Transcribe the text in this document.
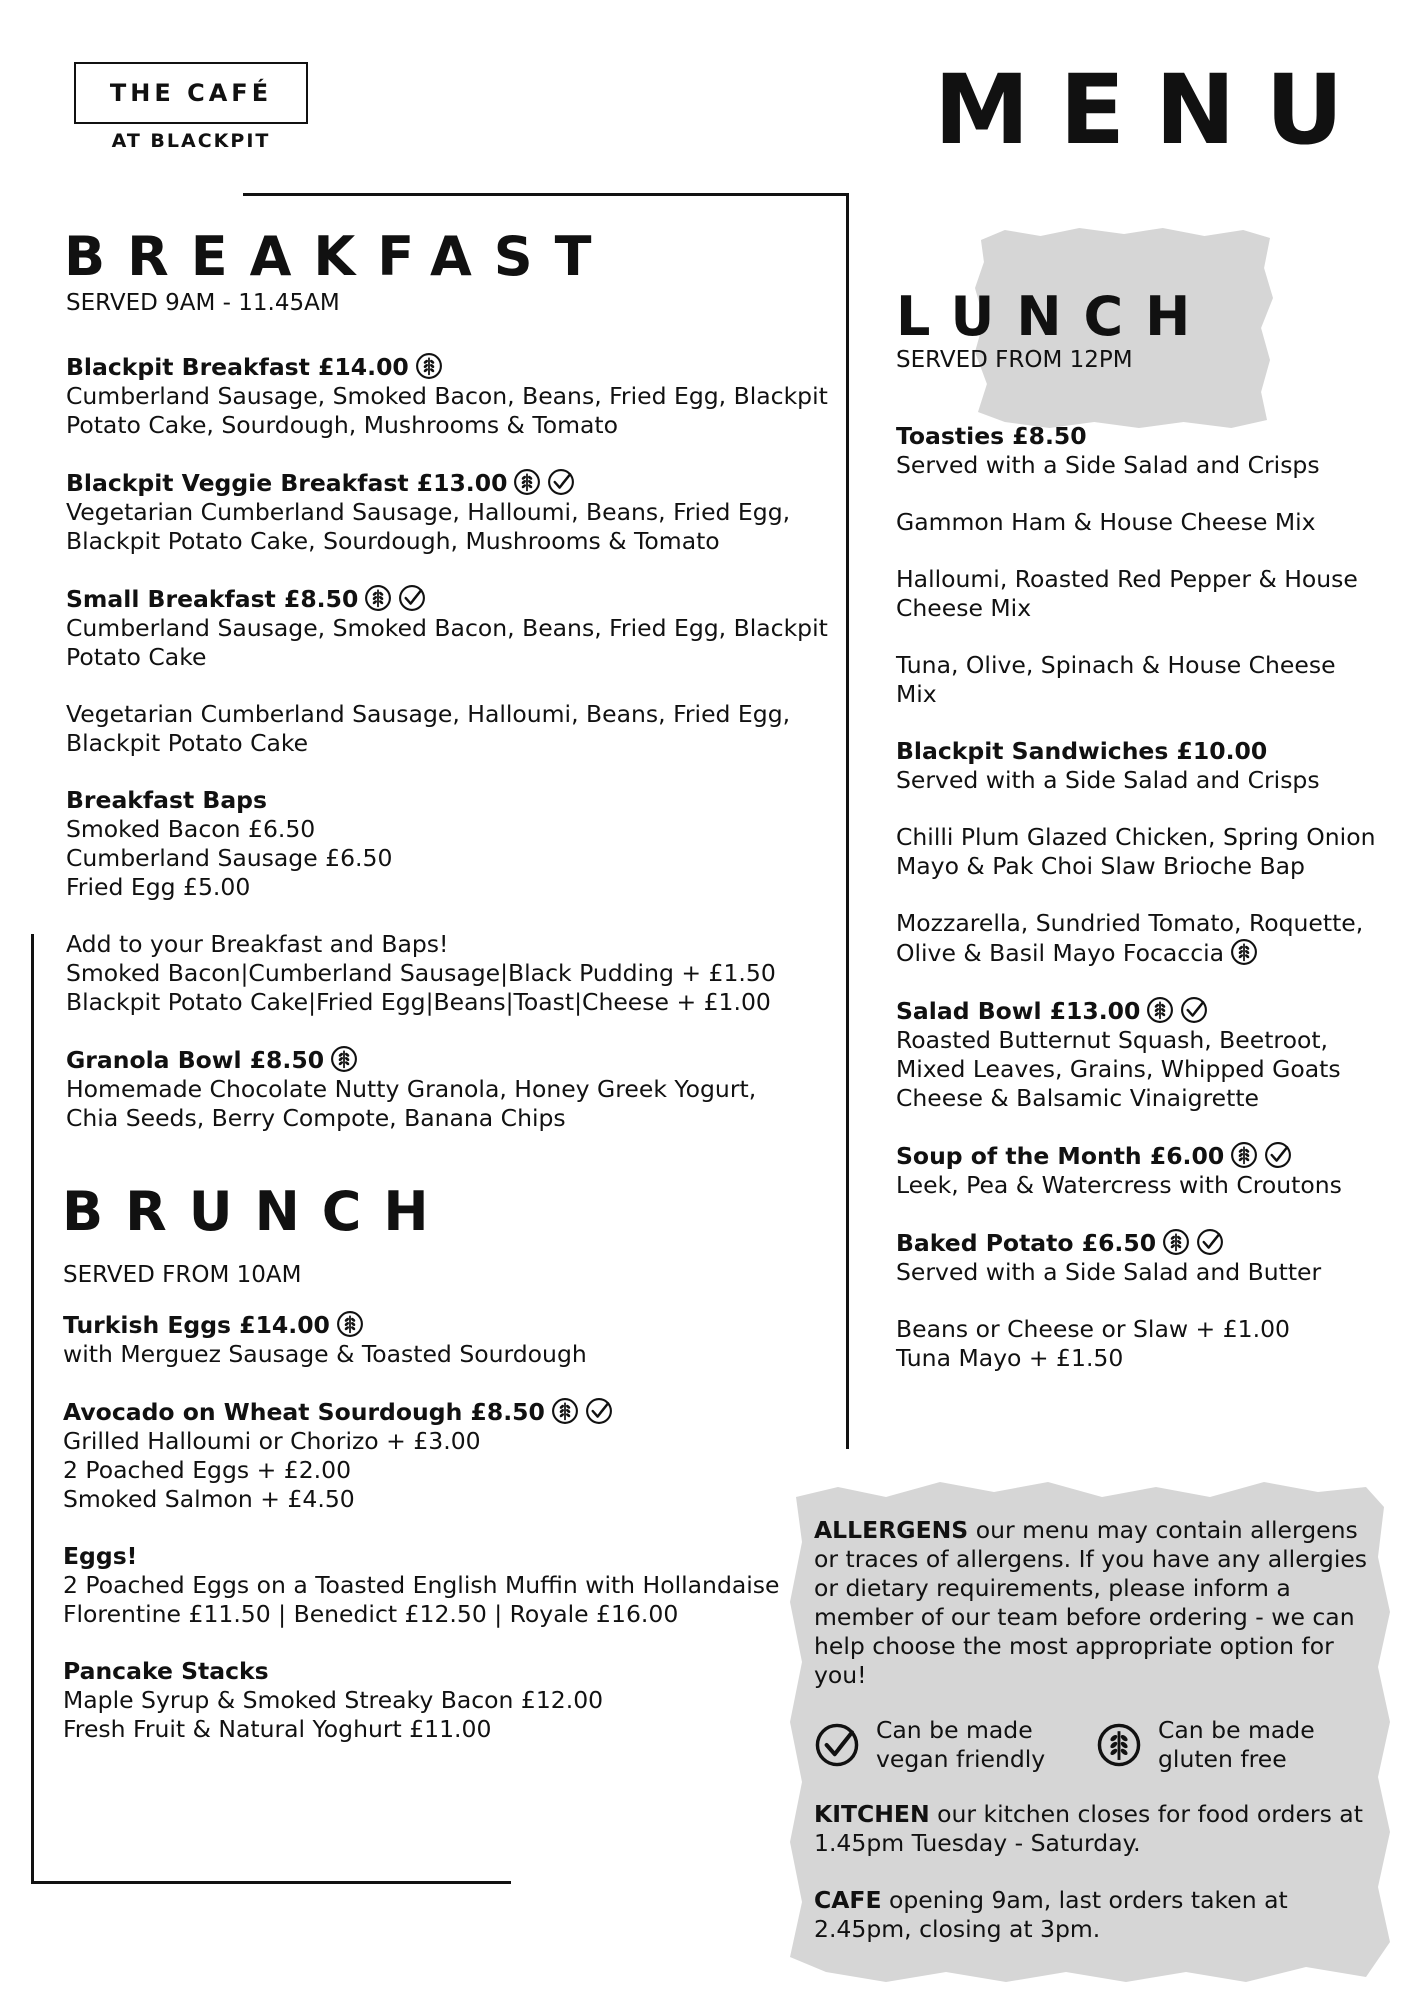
THE CAFÉ
AT BLACKPIT	MENU
BREAKFAST
SERVED 9AM - 11.45AM
Blackpit Breakfast £14.00
Cumberland Sausage, Smoked Bacon, Beans, Fried Egg, Blackpit
Potato Cake, Sourdough, Mushrooms & Tomato
Blackpit Veggie Breakfast £13.00
Vegetarian Cumberland Sausage, Halloumi, Beans, Fried Egg,
Blackpit Potato Cake, Sourdough, Mushrooms & Tomato
Small Breakfast £8.50
Cumberland Sausage, Smoked Bacon, Beans, Fried Egg, Blackpit
Potato Cake
Vegetarian Cumberland Sausage, Halloumi, Beans, Fried Egg,
Blackpit Potato Cake
Breakfast Baps
Smoked Bacon £6.50
Cumberland Sausage £6.50
Fried Egg £5.00
Add to your Breakfast and Baps!
Smoked Bacon|Cumberland Sausage|Black Pudding + £1.50
Blackpit Potato Cake|Fried Egg|Beans|Toast|Cheese + £1.00
Granola Bowl £8.50
Homemade Chocolate Nutty Granola, Honey Greek Yogurt,
Chia Seeds, Berry Compote, Banana Chips
BRUNCH
SERVED FROM 10AM
Turkish Eggs £14.00
with Merguez Sausage & Toasted Sourdough
Avocado on Wheat Sourdough £8.50
Grilled Halloumi or Chorizo + £3.00
2 Poached Eggs + £2.00
Smoked Salmon + £4.50
Eggs!
2 Poached Eggs on a Toasted English Muffin with Hollandaise
Florentine £11.50 | Benedict £12.50 | Royale £16.00
Pancake Stacks
Maple Syrup & Smoked Streaky Bacon £12.00
Fresh Fruit & Natural Yoghurt £11.00
LUNCH
SERVED FROM 12PM
Toasties £8.50
Served with a Side Salad and Crisps
Gammon Ham & House Cheese Mix
Halloumi, Roasted Red Pepper & House
Cheese Mix
Tuna, Olive, Spinach & House Cheese
Mix
Blackpit Sandwiches £10.00
Served with a Side Salad and Crisps
Chilli Plum Glazed Chicken, Spring Onion
Mayo & Pak Choi Slaw Brioche Bap
Mozzarella, Sundried Tomato, Roquette,
Olive & Basil Mayo Focaccia
Salad Bowl £13.00
Roasted Butternut Squash, Beetroot,
Mixed Leaves, Grains, Whipped Goats
Cheese & Balsamic Vinaigrette
Soup of the Month £6.00
Leek, Pea & Watercress with Croutons
Baked Potato £6.50
Served with a Side Salad and Butter
Beans or Cheese or Slaw + £1.00
Tuna Mayo + £1.50

ALLERGENS our menu may contain allergens or traces of allergens. If you have any allergies or dietary requirements, please inform a member of our team before ordering - we can help choose the most appropriate option for you!

Can be made
vegan friendly
Can be made
gluten free

KITCHEN our kitchen closes for food orders at 1.45pm Tuesday - Saturday.

CAFE opening 9am, last orders taken at 2.45pm, closing at 3pm.
